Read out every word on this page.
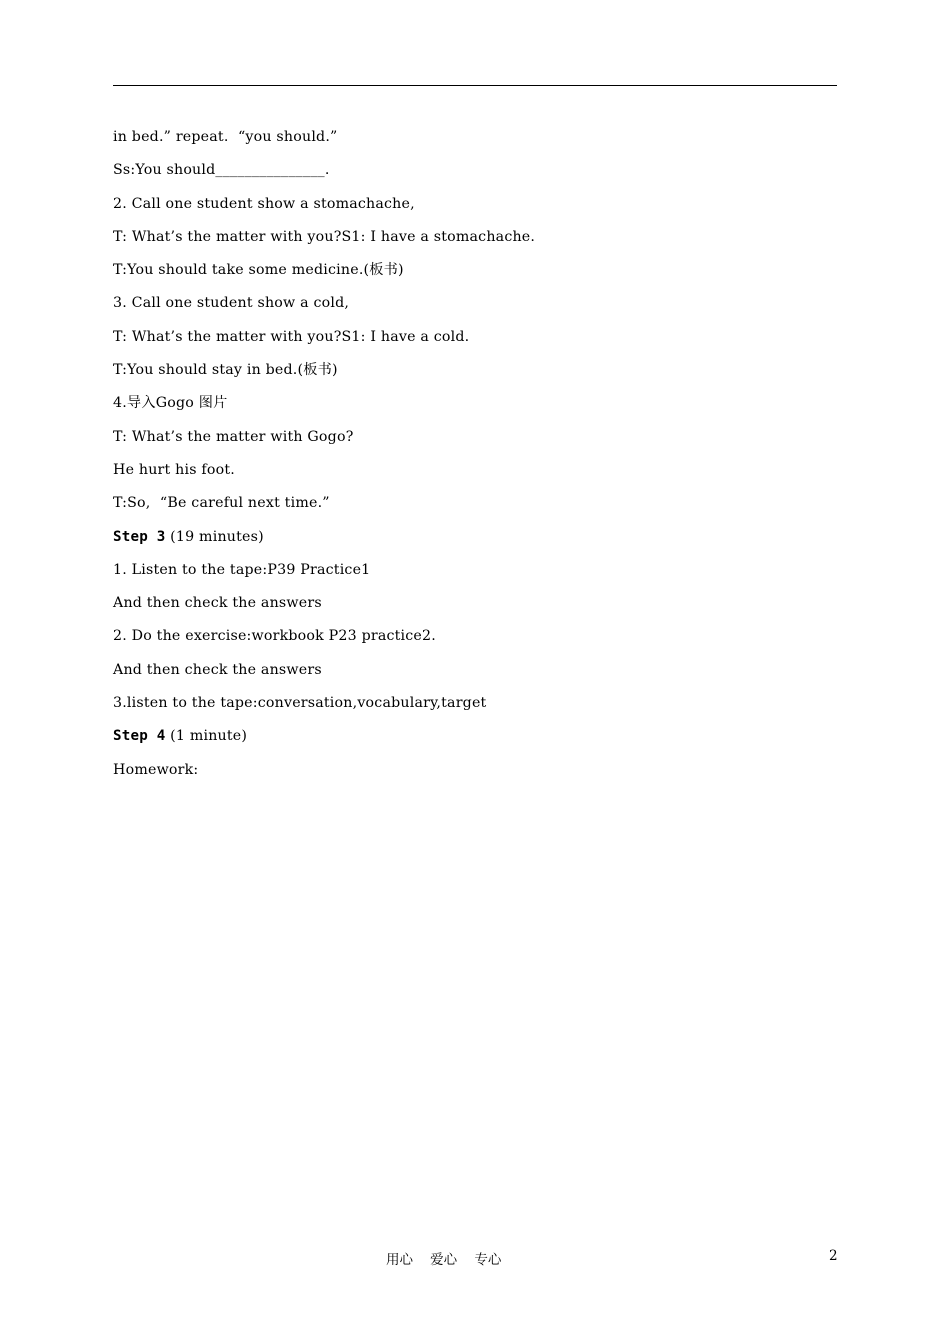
in bed.” repeat.  “you should.”
Ss:You should_______________.
2. Call one student show a stomachache,
T: What’s the matter with you?S1: I have a stomachache.
T:You should take some medicine.(板书)
3. Call one student show a cold,
T: What’s the matter with you?S1: I have a cold.
T:You should stay in bed.(板书)
4.导入Gogo 图片
T: What’s the matter with Gogo?
He hurt his foot.
T:So,  “Be careful next time.”
Step 3 (19 minutes)
1. Listen to the tape:P39 Practice1
And then check the answers
2. Do the exercise:workbook P23 practice2.
And then check the answers
3.listen to the tape:conversation,vocabulary,target
Step 4 (1 minute)
Homework:
用心    爱心    专心	2
